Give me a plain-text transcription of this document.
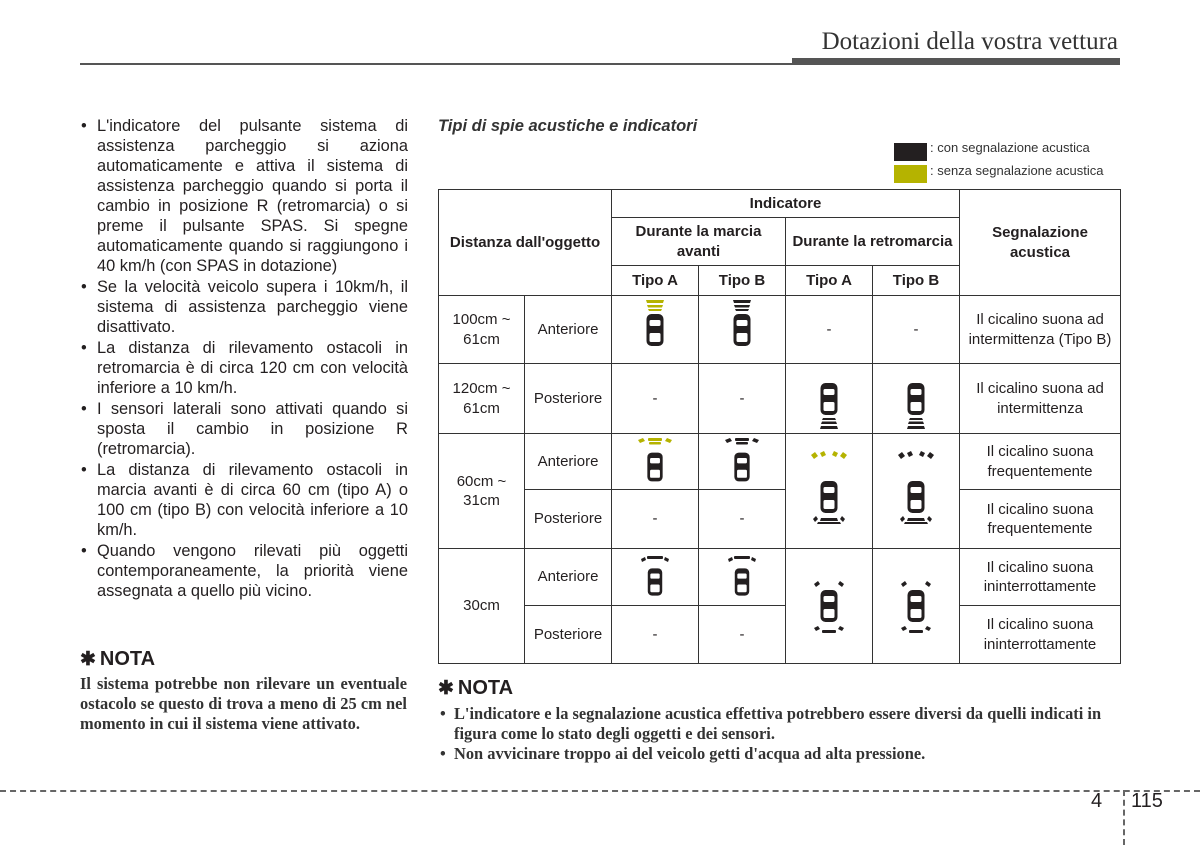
Dotazioni della vostra vettura
• L'indicatore del pulsante sistema di assistenza parcheggio si aziona automaticamente e attiva il sistema di assistenza parcheggio quando si porta il cambio in posizione R (retromarcia) o si preme il pulsante SPAS. Si spegne automaticamente quando si raggiungono i 40 km/h (con SPAS in dotazione)
• Se la velocità veicolo supera i 10km/h, il sistema di assistenza parcheggio viene disattivato.
• La distanza di rilevamento ostacoli in retromarcia è di circa 120 cm con velocità inferiore a 10 km/h.
• I sensori laterali sono attivati quando si sposta il cambio in posizione R (retromarcia).
• La distanza di rilevamento ostacoli in marcia avanti è di circa 60 cm (tipo A) o 100 cm (tipo B) con velocità inferiore a 10 km/h.
• Quando vengono rilevati più oggetti contemporaneamente, la priorità viene assegnata a quello più vicino.
✱ NOTA
Il sistema potrebbe non rilevare un eventuale ostacolo se questo di trova a meno di 25 cm nel momento in cui il sistema viene attivato.
Tipi di spie acustiche e indicatori
: con segnalazione acustica
: senza segnalazione acustica
Distanza dall'oggetto		Indicatore				Segnalazione acustica
		Durante la marcia avanti		Durante la retromarcia		
		Tipo A	Tipo B	Tipo A	Tipo B	
100cm ~ 61cm	Anteriore			-	-	Il cicalino suona ad intermittenza (Tipo B)
120cm ~ 61cm	Posteriore	-	-			Il cicalino suona ad intermittenza
60cm ~ 31cm	Anteriore					Il cicalino suona frequentemente
	Posteriore	-	-			Il cicalino suona frequentemente
30cm	Anteriore					Il cicalino suona ininterrottamente
	Posteriore	-	-			Il cicalino suona ininterrottamente
✱ NOTA
• L'indicatore e la segnalazione acustica effettiva potrebbero essere diversi da quelli indicati in figura come lo stato degli oggetti e dei sensori.
• Non avvicinare troppo ai del veicolo getti d'acqua ad alta pressione.
4 115
